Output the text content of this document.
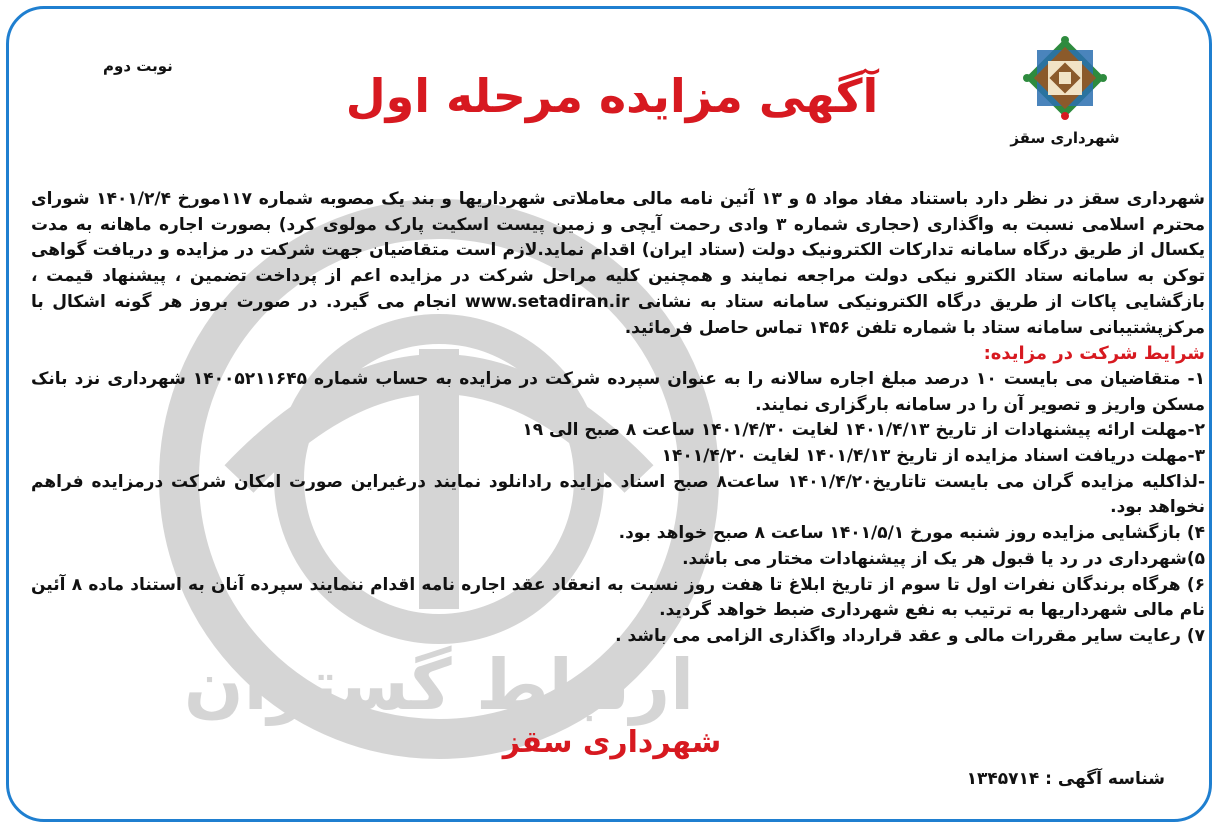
ارتباط گستران
شهرداری سقز
نوبت دوم
آگهی مزایده مرحله اول

شهرداری سقز در نظر دارد باستناد مفاد مواد ۵ و ۱۳ آئین نامه مالی معاملاتی شهرداریها و بند یک مصوبه شماره ۱۱۷مورخ ۱۴۰۱/۲/۴ شورای محترم اسلامی نسبت به واگذاری (حجاری شماره ۳ وادی رحمت آیچی و زمین پیست اسکیت پارک مولوی کرد) بصورت اجاره ماهانه به مدت یکسال از طریق درگاه سامانه تدارکات الکترونیک دولت (ستاد ایران) اقدام نماید.لازم است متقاضیان جهت شرکت در مزایده و دریافت گواهی توکن به سامانه ستاد الکترو نیکی دولت مراجعه نمایند و همچنین کلیه مراحل شرکت در مزایده اعم از پرداخت تضمین ، پیشنهاد قیمت ، بازگشایی پاکات از طریق درگاه الکترونیکی سامانه ستاد به نشانی www.setadiran.ir انجام می گیرد. در صورت بروز هر گونه اشکال با مرکزپشتیبانی سامانه ستاد با شماره تلفن ۱۴۵۶ تماس حاصل فرمائید.

شرایط شرکت در مزایده:

۱- متقاضیان می بایست ۱۰ درصد مبلغ اجاره سالانه را به عنوان سپرده شرکت در مزایده به حساب شماره ۱۴۰۰۵۲۱۱۶۴۵ شهرداری نزد بانک مسکن واریز و تصویر آن را در سامانه بارگزاری نمایند.

۲-مهلت ارائه پیشنهادات از تاریخ ۱۴۰۱/۴/۱۳ لغایت ۱۴۰۱/۴/۳۰ ساعت ۸ صبح الی ۱۹

۳-مهلت دریافت اسناد مزایده از تاریخ ۱۴۰۱/۴/۱۳ لغایت ۱۴۰۱/۴/۲۰

-لذاکلیه مزایده گران می بایست تاتاریخ۱۴۰۱/۴/۲۰ ساعت۸ صبح اسناد مزایده رادانلود نمایند درغیراین صورت امکان شرکت درمزایده فراهم نخواهد بود.

۴) بازگشایی مزایده روز شنبه مورخ ۱۴۰۱/۵/۱ ساعت ۸ صبح خواهد بود.

۵)شهرداری در رد یا قبول هر یک از پیشنهادات مختار می باشد.

۶) هرگاه برندگان نفرات اول تا سوم از تاریخ ابلاغ تا هفت روز نسبت به انعقاد عقد اجاره نامه اقدام ننمایند سپرده آنان به استناد ماده ۸ آئین نام مالی شهرداریها به ترتیب به نفع شهرداری ضبط خواهد گردید.

۷) رعایت سایر مقررات مالی و عقد قرارداد واگذاری الزامی می باشد .

شهرداری سقز
شناسه آگهی : ۱۳۴۵۷۱۴
